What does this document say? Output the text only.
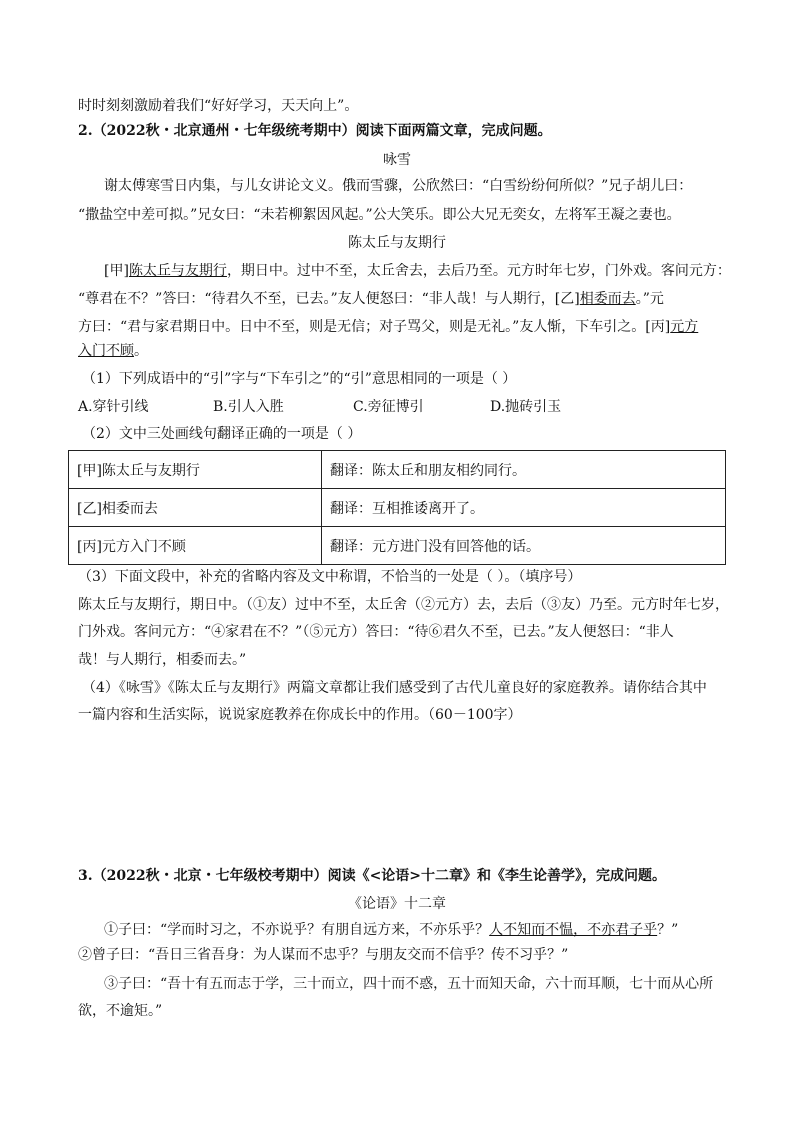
时时刻刻激励着我们“好好学习，天天向上”。
2.（2022秋・北京通州・七年级统考期中）阅读下面两篇文章，完成问题。
咏雪
谢太傅寒雪日内集，与儿女讲论文义。俄而雪骤，公欣然曰：“白雪纷纷何所似？”兄子胡儿曰：
“撒盐空中差可拟。”兄女曰：“未若柳絮因风起。”公大笑乐。即公大兄无奕女，左将军王凝之妻也。
陈太丘与友期行
[甲]陈太丘与友期行，期日中。过中不至，太丘舍去，去后乃至。元方时年七岁，门外戏。客问元方：
“尊君在不？”答曰：“待君久不至，已去。”友人便怒曰：“非人哉！与人期行，[乙]相委而去。”元
方曰：“君与家君期日中。日中不至，则是无信；对子骂父，则是无礼。”友人惭，下车引之。[丙]元方
入门不顾。
（1）下列成语中的“引”字与“下车引之”的“引”意思相同的一项是（ ）
A.穿针引线	B.引人入胜	C.旁征博引	D.抛砖引玉
（2）文中三处画线句翻译正确的一项是（ ）
[甲]陈太丘与友期行	翻译：陈太丘和朋友相约同行。
[乙]相委而去	翻译：互相推诿离开了。
[丙]元方入门不顾	翻译：元方进门没有回答他的话。
（3）下面文段中，补充的省略内容及文中称谓，不恰当的一处是（ ）。（填序号）
陈太丘与友期行，期日中。（①友）过中不至，太丘舍（②元方）去，去后（③友）乃至。元方时年七岁，
门外戏。客问元方：“④家君在不？”（⑤元方）答曰：“待⑥君久不至，已去。”友人便怒曰：“非人
哉！与人期行，相委而去。”
（4）《咏雪》《陈太丘与友期行》两篇文章都让我们感受到了古代儿童良好的家庭教养。请你结合其中
一篇内容和生活实际，说说家庭教养在你成长中的作用。（60－100字）
3.（2022秋・北京・七年级校考期中）阅读《<论语>十二章》和《李生论善学》，完成问题。
《论语》十二章
①子曰：“学而时习之，不亦说乎？有朋自远方来，不亦乐乎？人不知而不愠，不亦君子乎？”
②曾子曰：“吾日三省吾身：为人谋而不忠乎？与朋友交而不信乎？传不习乎？”
③子曰：“吾十有五而志于学，三十而立，四十而不惑，五十而知天命，六十而耳顺，七十而从心所
欲，不逾矩。”
